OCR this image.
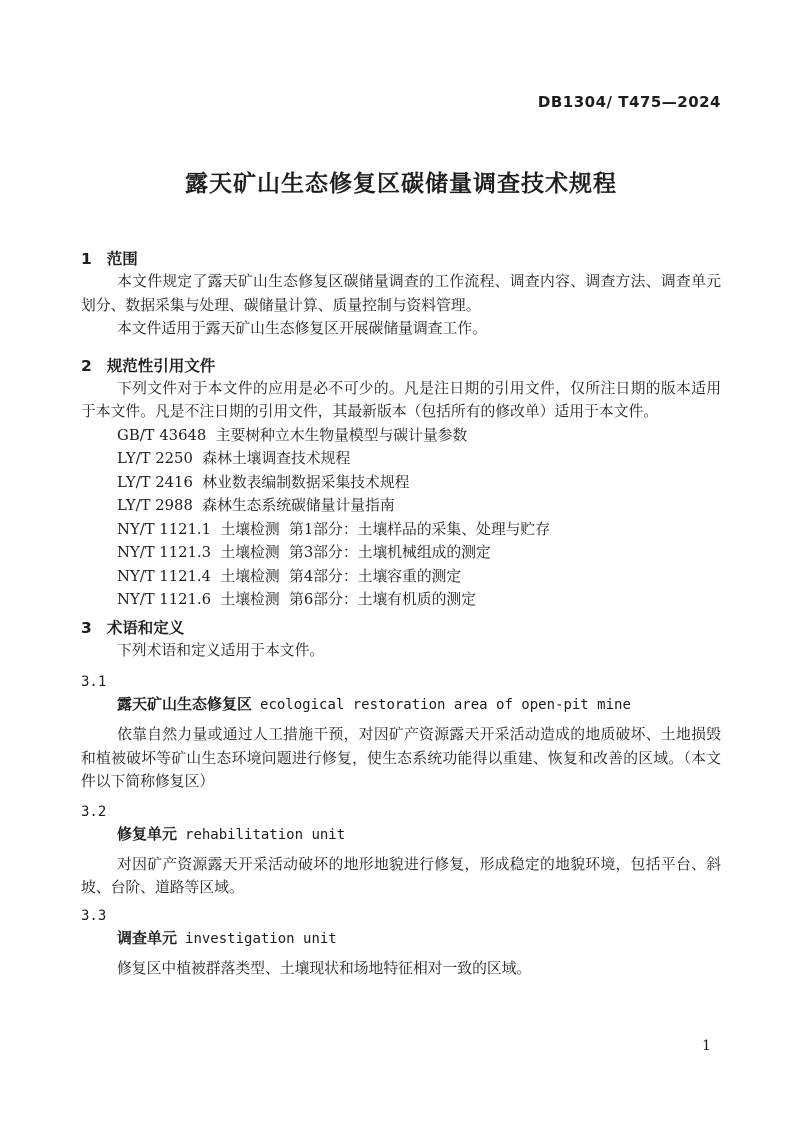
DB1304/ T475—2024
露天矿山生态修复区碳储量调查技术规程
1 范围

本文件规定了露天矿山生态修复区碳储量调查的工作流程、调查内容、调查方法、调查单元划分、数据采集与处理、碳储量计算、质量控制与资料管理。

本文件适用于露天矿山生态修复区开展碳储量调查工作。

2 规范性引用文件

下列文件对于本文件的应用是必不可少的。凡是注日期的引用文件，仅所注日期的版本适用于本文件。凡是不注日期的引用文件，其最新版本（包括所有的修改单）适用于本文件。

GB/T 43648  主要树种立木生物量模型与碳计量参数
LY/T 2250  森林土壤调查技术规程
LY/T 2416  林业数表编制数据采集技术规程
LY/T 2988  森林生态系统碳储量计量指南
NY/T 1121.1  土壤检测  第1部分：土壤样品的采集、处理与贮存
NY/T 1121.3  土壤检测  第3部分：土壤机械组成的测定
NY/T 1121.4  土壤检测  第4部分：土壤容重的测定
NY/T 1121.6  土壤检测  第6部分：土壤有机质的测定
3 术语和定义

下列术语和定义适用于本文件。

3.1
露天矿山生态修复区 ecological restoration area of open-pit mine

依靠自然力量或通过人工措施干预，对因矿产资源露天开采活动造成的地质破坏、土地损毁和植被破坏等矿山生态环境问题进行修复，使生态系统功能得以重建、恢复和改善的区域。（本文件以下简称修复区）

3.2
修复单元 rehabilitation unit

对因矿产资源露天开采活动破坏的地形地貌进行修复，形成稳定的地貌环境，包括平台、斜坡、台阶、道路等区域。

3.3
调查单元 investigation unit

修复区中植被群落类型、土壤现状和场地特征相对一致的区域。

1
